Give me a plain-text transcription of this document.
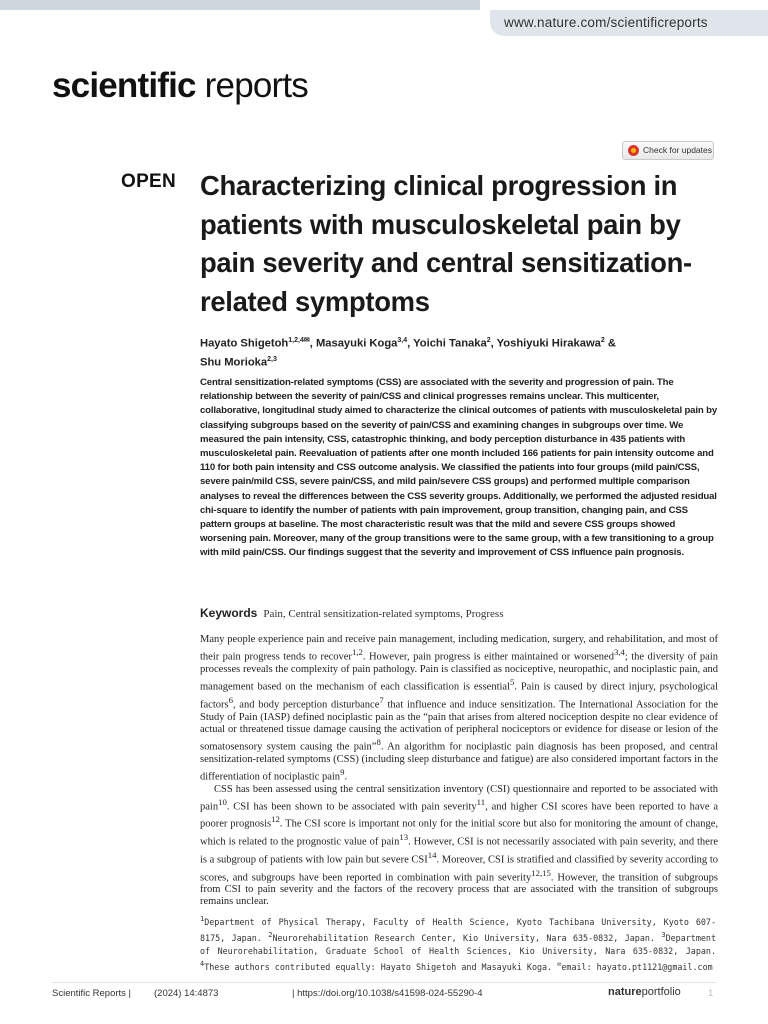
www.nature.com/scientificreports
scientific reports
Check for updates
OPEN Characterizing clinical progression in patients with musculoskeletal pain by pain severity and central sensitization-related symptoms
Hayato Shigetoh$^{1,2,4✉}$, Masayuki Koga$^{3,4}$, Yoichi Tanaka$^2$, Yoshiyuki Hirakawa$^2$ &
Shu Morioka$^{2,3}$

Central sensitization-related symptoms (CSS) are associated with the severity and progression of pain. The relationship between the severity of pain/CSS and clinical progresses remains unclear. This multicenter, collaborative, longitudinal study aimed to characterize the clinical outcomes of patients with musculoskeletal pain by classifying subgroups based on the severity of pain/CSS and examining changes in subgroups over time. We measured the pain intensity, CSS, catastrophic thinking, and body perception disturbance in 435 patients with musculoskeletal pain. Reevaluation of patients after one month included 166 patients for pain intensity outcome and 110 for both pain intensity and CSS outcome analysis. We classified the patients into four groups (mild pain/CSS, severe pain/mild CSS, severe pain/CSS, and mild pain/severe CSS groups) and performed multiple comparison analyses to reveal the differences between the CSS severity groups. Additionally, we performed the adjusted residual chi-square to identify the number of patients with pain improvement, group transition, changing pain, and CSS pattern groups at baseline. The most characteristic result was that the mild and severe CSS groups showed worsening pain. Moreover, many of the group transitions were to the same group, with a few transitioning to a group with mild pain/CSS. Our findings suggest that the severity and improvement of CSS influence pain prognosis.

Keywords Pain, Central sensitization-related symptoms, Progress

Many people experience pain and receive pain management, including medication, surgery, and rehabilitation, and most of their pain progress tends to recover$^{1,2}$. However, pain progress is either maintained or worsened$^{3,4}$; the diversity of pain processes reveals the complexity of pain pathology. Pain is classified as nociceptive, neuropathic, and nociplastic pain, and management based on the mechanism of each classification is essential$^5$. Pain is caused by direct injury, psychological factors$^6$, and body perception disturbance$^7$ that influence and induce sensitization. The International Association for the Study of Pain (IASP) defined nociplastic pain as the “pain that arises from altered nociception despite no clear evidence of actual or threatened tissue damage causing the activation of peripheral nociceptors or evidence for disease or lesion of the somatosensory system causing the pain”$^8$. An algorithm for nociplastic pain diagnosis has been proposed, and central sensitization-related symptoms (CSS) (including sleep disturbance and fatigue) are also considered important factors in the differentiation of nociplastic pain$^9$.

CSS has been assessed using the central sensitization inventory (CSI) questionnaire and reported to be associated with pain$^{10}$. CSI has been shown to be associated with pain severity$^{11}$, and higher CSI scores have been reported to have a poorer prognosis$^{12}$. The CSI score is important not only for the initial score but also for monitoring the amount of change, which is related to the prognostic value of pain$^{13}$. However, CSI is not necessarily associated with pain severity, and there is a subgroup of patients with low pain but severe CSI$^{14}$. Moreover, CSI is stratified and classified by severity according to scores, and subgroups have been reported in combination with pain severity$^{12,15}$. However, the transition of subgroups from CSI to pain severity and the factors of the recovery process that are associated with the transition of subgroups remains unclear.

$^1$Department of Physical Therapy, Faculty of Health Science, Kyoto Tachibana University, Kyoto 607-8175, Japan. $^2$Neurorehabilitation Research Center, Kio University, Nara 635-0832, Japan. $^3$Department of Neurorehabilitation, Graduate School of Health Sciences, Kio University, Nara 635-0832, Japan. $^4$These authors contributed equally: Hayato Shigetoh and Masayuki Koga. ✉email: hayato.pt1121@gmail.com
Scientific Reports | (2024) 14:4873	| https://doi.org/10.1038/s41598-024-55290-4	natureportfolio	1
